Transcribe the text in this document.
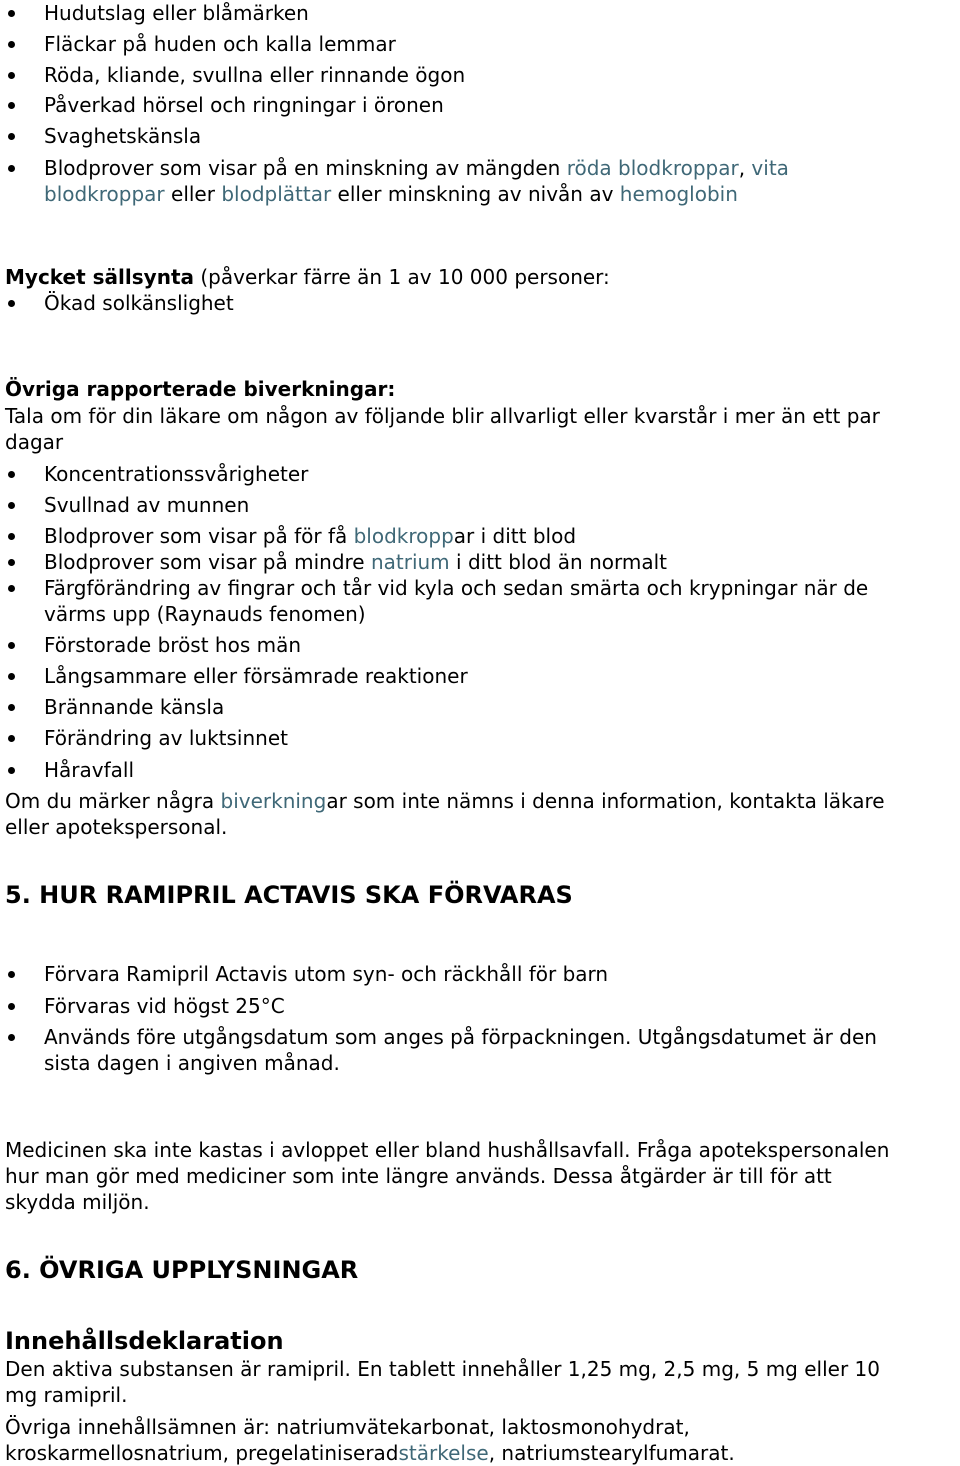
Hudutslag eller blåmärken
Fläckar på huden och kalla lemmar
Röda, kliande, svullna eller rinnande ögon
Påverkad hörsel och ringningar i öronen
Svaghetskänsla
Blodprover som visar på en minskning av mängden röda blodkroppar, vita
blodkroppar eller blodplättar eller minskning av nivån av hemoglobin
Mycket sällsynta (påverkar färre än 1 av 10 000 personer:
Ökad solkänslighet
Övriga rapporterade biverkningar:
Tala om för din läkare om någon av följande blir allvarligt eller kvarstår i mer än ett par
dagar
Koncentrationssvårigheter
Svullnad av munnen
Blodprover som visar på för få blodkroppar i ditt blod
Blodprover som visar på mindre natrium i ditt blod än normalt
Färgförändring av fingrar och tår vid kyla och sedan smärta och krypningar när de
värms upp (Raynauds fenomen)
Förstorade bröst hos män
Långsammare eller försämrade reaktioner
Brännande känsla
Förändring av luktsinnet
Håravfall
Om du märker några biverkningar som inte nämns i denna information, kontakta läkare
eller apotekspersonal.
5. HUR RAMIPRIL ACTAVIS SKA FÖRVARAS
Förvara Ramipril Actavis utom syn- och räckhåll för barn
Förvaras vid högst 25°C
Används före utgångsdatum som anges på förpackningen. Utgångsdatumet är den
sista dagen i angiven månad.
Medicinen ska inte kastas i avloppet eller bland hushållsavfall. Fråga apotekspersonalen
hur man gör med mediciner som inte längre används. Dessa åtgärder är till för att
skydda miljön.
6. ÖVRIGA UPPLYSNINGAR
Innehållsdeklaration
Den aktiva substansen är ramipril. En tablett innehåller 1,25 mg, 2,5 mg, 5 mg eller 10
mg ramipril.
Övriga innehållsämnen är: natriumvätekarbonat, laktosmonohydrat,
kroskarmellosnatrium, pregelatiniseradstärkelse, natriumstearylfumarat.
